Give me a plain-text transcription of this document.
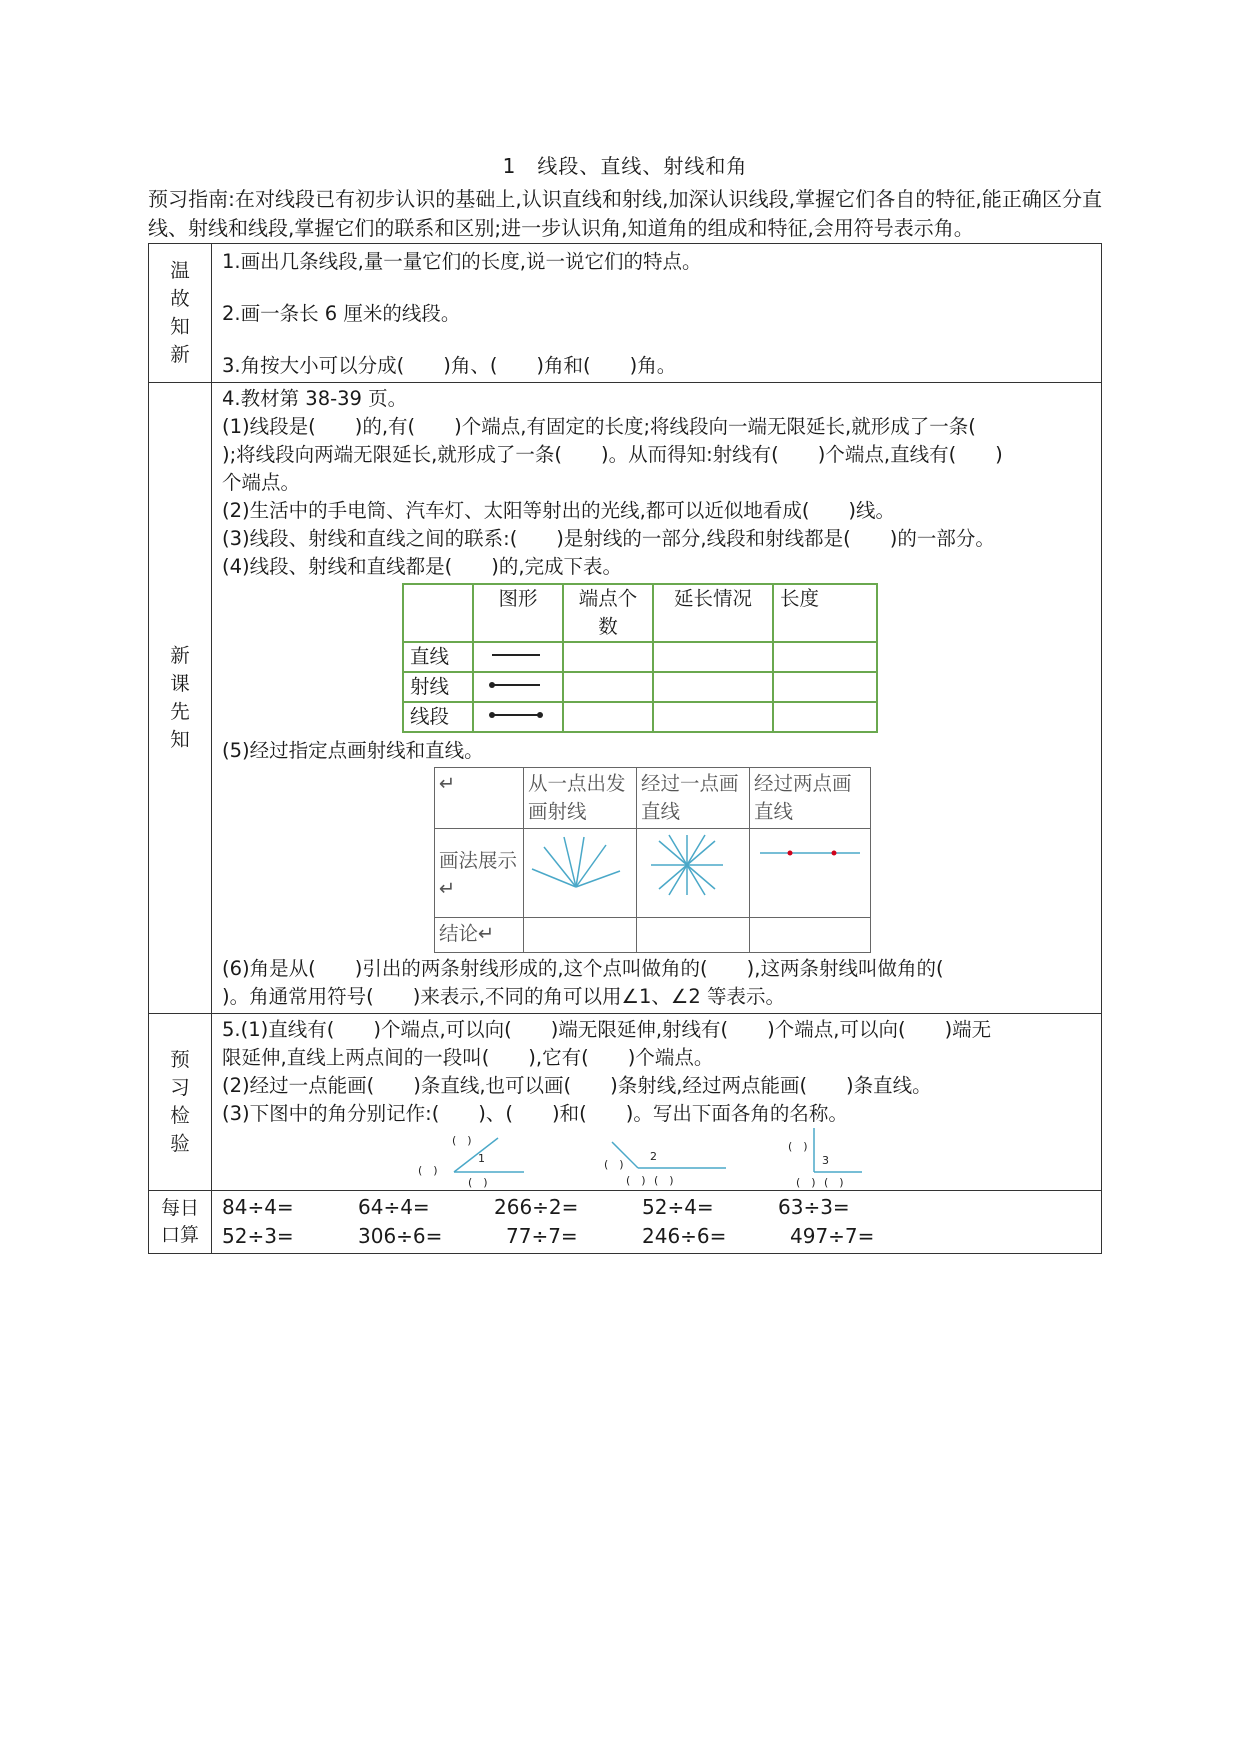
1　线段、直线、射线和角

预习指南:在对线段已有初步认识的基础上,认识直线和射线,加深认识线段,掌握它们各自的特征,能正确区分直线、射线和线段,掌握它们的联系和区别;进一步认识角,知道角的组成和特征,会用符号表示角。

温故知新	

1.画出几条线段,量一量它们的长度,说一说它们的特点。

2.画一条长 6 厘米的线段。

3.角按大小可以分成(　　)角、(　　)角和(　　)角。

新课先知	

4.教材第 38-39 页。

(1)线段是(　　)的,有(　　)个端点,有固定的长度;将线段向一端无限延长,就形成了一条(

);将线段向两端无限延长,就形成了一条(　　)。从而得知:射线有(　　)个端点,直线有(　　)

个端点。

(2)生活中的手电筒、汽车灯、太阳等射出的光线,都可以近似地看成(　　)线。

(3)线段、射线和直线之间的联系:(　　)是射线的一部分,线段和射线都是(　　)的一部分。

(4)线段、射线和直线都是(　　)的,完成下表。

	图形	端点个数	延长情况	长度
直线				
射线				
线段				

(5)经过指定点画射线和直线。

↵	从一点出发画射线	经过一点画直线	经过两点画直线
画法展示↵			
结论↵			

(6)角是从(　　)引出的两条射线形成的,这个点叫做角的(　　),这两条射线叫做角的(

)。角通常用符号(　　)来表示,不同的角可以用∠1、∠2 等表示。

预习检验	

5.(1)直线有(　　)个端点,可以向(　　)端无限延伸,射线有(　　)个端点,可以向(　　)端无

限延伸,直线上两点间的一段叫(　　),它有(　　)个端点。

(2)经过一点能画(　　)条直线,也可以画(　　)条射线,经过两点能画(　　)条直线。

(3)下图中的角分别记作:(　　)、(　　)和(　　)。写出下面各角的名称。

1
(　)
(　)
(　)
2
(　)
(　) (　)
3
(　)
(　) (　)

每日口算	
84÷4=	64÷4=	266÷2=	52÷4=	63÷3=
52÷3=	306÷6=	77÷7=	246÷6=	497÷7=
